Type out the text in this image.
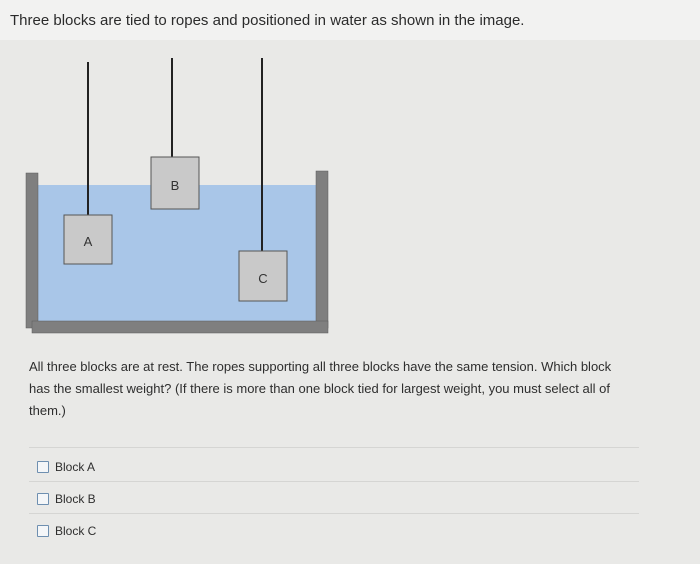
Three blocks are tied to ropes and positioned in water as shown in the image.
A
B
C
All three blocks are at rest. The ropes supporting all three blocks have the same tension. Which block has the smallest weight? (If there is more than one block tied for largest weight, you must select all of them.)
Block A
Block B
Block C
